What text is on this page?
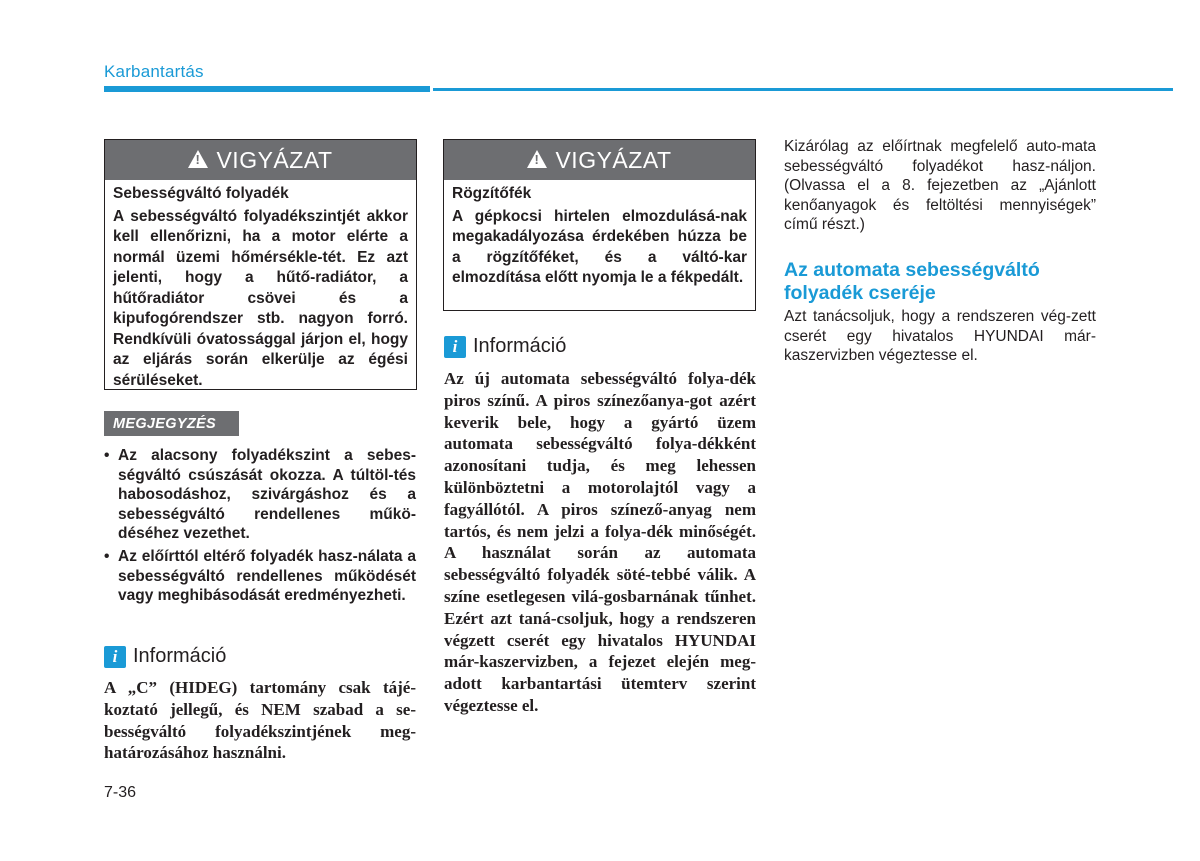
Karbantartás
!
VIGYÁZAT
Sebességváltó folyadék
A sebességváltó folyadékszintjét akkor kell ellenőrizni, ha a motor elérte a normál üzemi hőmérsékle-tét. Ez azt jelenti, hogy a hűtő-radiátor, a hűtőradiátor csövei és a kipufogórendszer stb. nagyon forró. Rendkívüli óvatossággal járjon el, hogy az eljárás során elkerülje az égési sérüléseket.
MEGJEGYZÉS
• Az alacsony folyadékszint a sebes-ségváltó csúszását okozza. A túltöl-tés habosodáshoz, szivárgáshoz és a sebességváltó rendellenes műkö-déséhez vezethet.
• Az előírttól eltérő folyadék hasz-nálata a sebességváltó rendellenes működését vagy meghibásodását eredményezheti.
i Információ
A „C” (HIDEG) tartomány csak tájé-koztató jellegű, és NEM szabad a se-bességváltó folyadékszintjének meg-határozásához használni.
!
VIGYÁZAT
Rögzítőfék
A gépkocsi hirtelen elmozdulásá-nak megakadályozása érdekében húzza be a rögzítőféket, és a váltó-kar elmozdítása előtt nyomja le a fékpedált.
i Információ
Az új automata sebességváltó folya-dék piros színű. A piros színezőanya-got azért keverik bele, hogy a gyártó üzem automata sebességváltó folya-dékként azonosítani tudja, és meg lehessen különböztetni a motorolajtól vagy a fagyállótól. A piros színező-anyag nem tartós, és nem jelzi a folya-dék minőségét. A használat során az automata sebességváltó folyadék söté-tebbé válik. A színe esetlegesen vilá-gosbarnának tűnhet. Ezért azt taná-csoljuk, hogy a rendszeren végzett cserét egy hivatalos HYUNDAI már-kaszervizben, a fejezet elején meg-adott karbantartási ütemterv szerint végeztesse el.
Kizárólag az előírtnak megfelelő auto-mata sebességváltó folyadékot hasz-náljon. (Olvassa el a 8. fejezetben az „Ajánlott kenőanyagok és feltöltési mennyiségek” című részt.)
Az automata sebességváltó folyadék cseréje
Azt tanácsoljuk, hogy a rendszeren vég-zett cserét egy hivatalos HYUNDAI már-kaszervizben végeztesse el.
7-36
